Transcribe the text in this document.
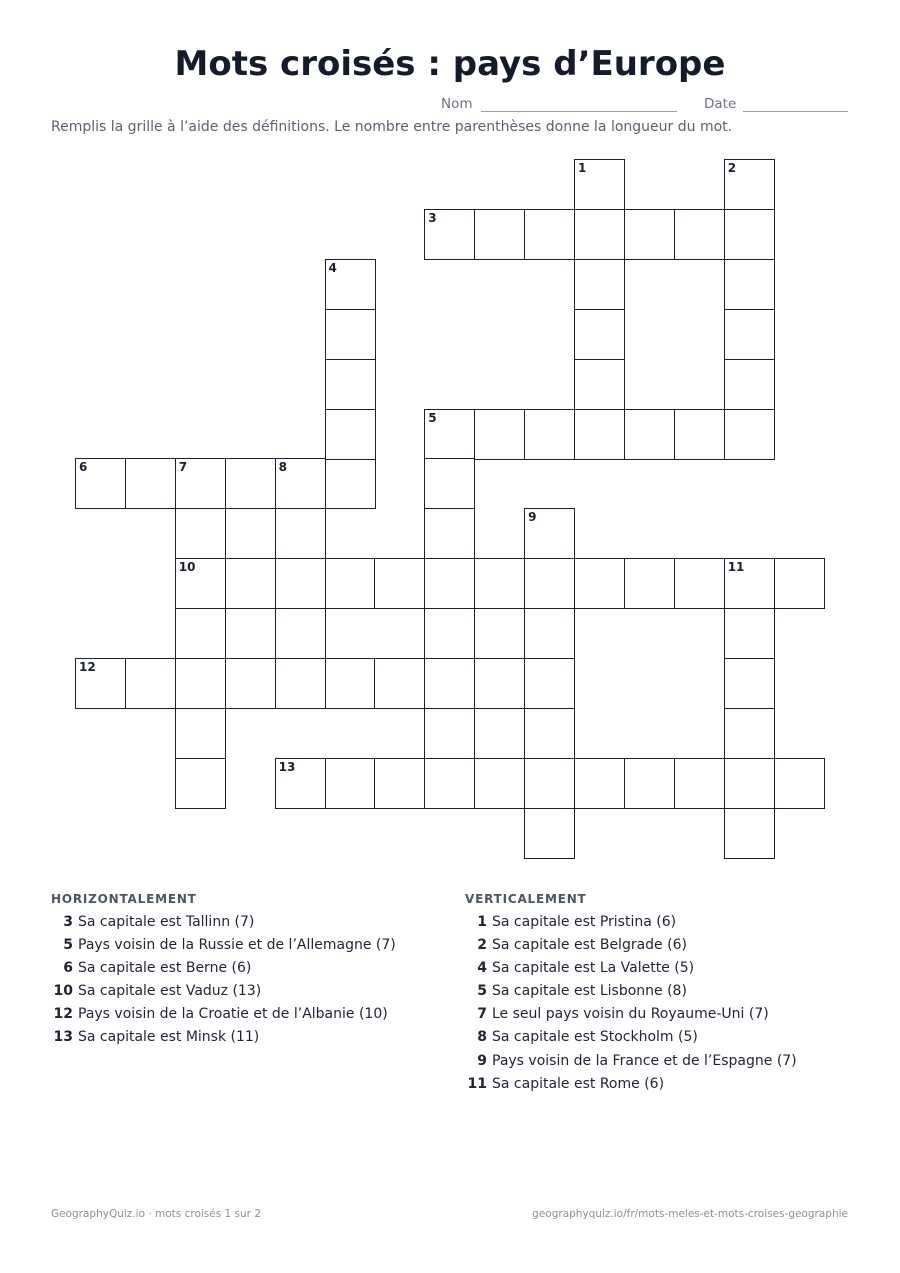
Mots croisés : pays d’Europe
Nom	Date

Remplis la grille à l’aide des définitions. Le nombre entre parenthèses donne la longueur du mot.

3
5
6	7	8
10	11
12
13
1	2
4
9
HORIZONTALEMENT
3 Sa capitale est Tallinn (7)
5 Pays voisin de la Russie et de l’Allemagne (7)
6 Sa capitale est Berne (6)
10 Sa capitale est Vaduz (13)
12 Pays voisin de la Croatie et de l’Albanie (10)
13 Sa capitale est Minsk (11)
VERTICALEMENT
1 Sa capitale est Pristina (6)
2 Sa capitale est Belgrade (6)
4 Sa capitale est La Valette (5)
5 Sa capitale est Lisbonne (8)
7 Le seul pays voisin du Royaume-Uni (7)
8 Sa capitale est Stockholm (5)
9 Pays voisin de la France et de l’Espagne (7)
11 Sa capitale est Rome (6)
GeographyQuiz.io · mots croisés 1 sur 2	geographyquiz.io/fr/mots-meles-et-mots-croises-geographie
